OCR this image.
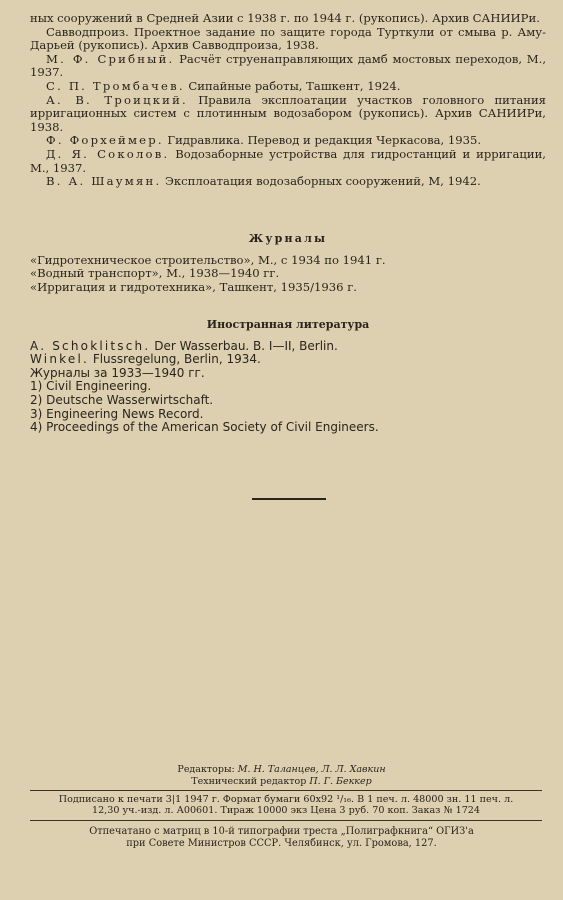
ных сооружений в Средней Азии с 1938 г. по 1944 г. (рукопись). Архив САНИИРи.

Савводпроиз. Проектное задание по защите города Турткули от смыва р. Аму-Дарьей (рукопись). Архив Савводпроиза, 1938.

М. Ф. Срибный. Расчёт струенаправляющих дамб мостовых переходов, М., 1937.

С. П. Тромбачев. Сипайные работы, Ташкент, 1924.

А. В. Троицкий. Правила эксплоатации участков головного питания ирригационных систем с плотинным водозабором (рукопись). Архив САНИИРи, 1938.

Ф. Форхеймер. Гидравлика. Перевод и редакция Черкасова, 1935.

Д. Я. Соколов. Водозаборные устройства для гидростанций и ирригации, М., 1937.

В. А. Шаумян. Эксплоатация водозаборных сооружений, М, 1942.

Журналы

«Гидротехническое строительство», М., с 1934 по 1941 г.

«Водный транспорт», М., 1938—1940 гг.

«Ирригация и гидротехника», Ташкент, 1935/1936 г.

Иностранная литература

A. Schoklitsch. Der Wasserbau. B. I—II, Berlin.

Winkel. Flussregelung, Berlin, 1934.

Журналы за 1933—1940 гг.

1) Civil Engineering.

2) Deutsche Wasserwirtschaft.

3) Engineering News Record.

4) Proceedings of the American Society of Civil Engineers.

Редакторы: М. Н. Таланцев, Л. Л. Хавкин

Технический редактор П. Г. Беккер

Подписано к печати 3|1 1947 г. Формат бумаги 60х92 ¹/₁₆. В 1 печ. л. 48000 зн. 11 печ. л.

12,30 уч.-изд. л. А00601. Тираж 10000 экз Цена 3 руб. 70 коп. Заказ № 1724

Отпечатано с матриц в 10-й типографии треста „Полиграфкнига“ ОГИЗ'а

при Совете Министров СССР. Челябинск, ул. Громова, 127.
